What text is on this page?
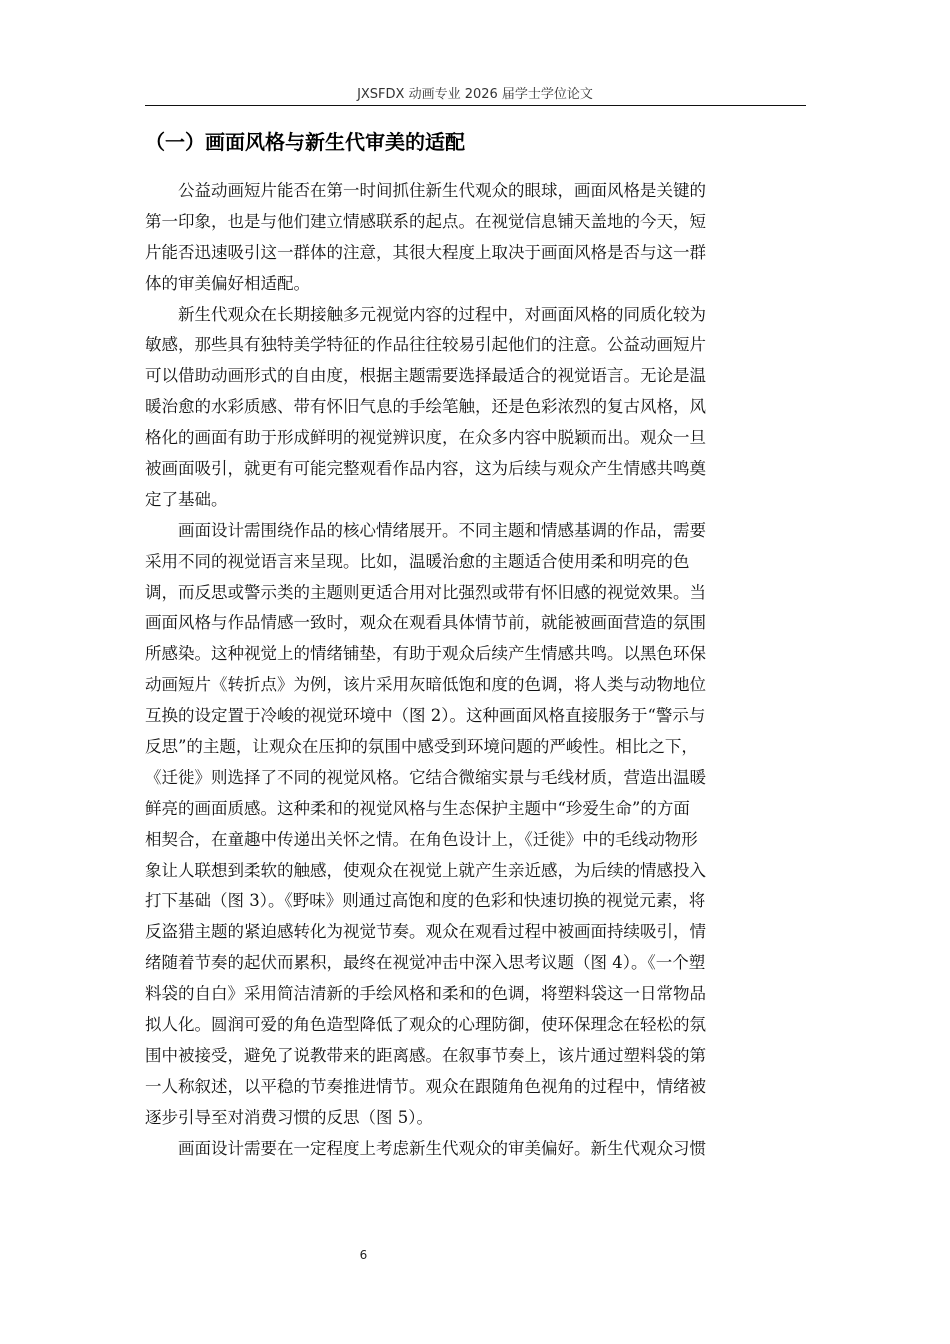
JXSFDX 动画专业 2026 届学士学位论文
（一）画面风格与新生代审美的适配
公益动画短片能否在第一时间抓住新生代观众的眼球，画面风格是关键的
第一印象，也是与他们建立情感联系的起点。在视觉信息铺天盖地的今天，短
片能否迅速吸引这一群体的注意，其很大程度上取决于画面风格是否与这一群
体的审美偏好相适配。
新生代观众在长期接触多元视觉内容的过程中，对画面风格的同质化较为
敏感，那些具有独特美学特征的作品往往较易引起他们的注意。公益动画短片
可以借助动画形式的自由度，根据主题需要选择最适合的视觉语言。无论是温
暖治愈的水彩质感、带有怀旧气息的手绘笔触，还是色彩浓烈的复古风格，风
格化的画面有助于形成鲜明的视觉辨识度，在众多内容中脱颖而出。观众一旦
被画面吸引，就更有可能完整观看作品内容，这为后续与观众产生情感共鸣奠
定了基础。
画面设计需围绕作品的核心情绪展开。不同主题和情感基调的作品，需要
采用不同的视觉语言来呈现。比如，温暖治愈的主题适合使用柔和明亮的色
调，而反思或警示类的主题则更适合用对比强烈或带有怀旧感的视觉效果。当
画面风格与作品情感一致时，观众在观看具体情节前，就能被画面营造的氛围
所感染。这种视觉上的情绪铺垫，有助于观众后续产生情感共鸣。以黑色环保
动画短片《转折点》为例，该片采用灰暗低饱和度的色调，将人类与动物地位
互换的设定置于冷峻的视觉环境中（图 2）。这种画面风格直接服务于“警示与
反思”的主题，让观众在压抑的氛围中感受到环境问题的严峻性。相比之下，
《迁徙》则选择了不同的视觉风格。它结合微缩实景与毛线材质，营造出温暖
鲜亮的画面质感。这种柔和的视觉风格与生态保护主题中“珍爱生命”的方面
相契合，在童趣中传递出关怀之情。在角色设计上，《迁徙》中的毛线动物形
象让人联想到柔软的触感，使观众在视觉上就产生亲近感，为后续的情感投入
打下基础（图 3）。《野味》则通过高饱和度的色彩和快速切换的视觉元素，将
反盗猎主题的紧迫感转化为视觉节奏。观众在观看过程中被画面持续吸引，情
绪随着节奏的起伏而累积，最终在视觉冲击中深入思考议题（图 4）。《一个塑
料袋的自白》采用简洁清新的手绘风格和柔和的色调，将塑料袋这一日常物品
拟人化。圆润可爱的角色造型降低了观众的心理防御，使环保理念在轻松的氛
围中被接受，避免了说教带来的距离感。在叙事节奏上，该片通过塑料袋的第
一人称叙述，以平稳的节奏推进情节。观众在跟随角色视角的过程中，情绪被
逐步引导至对消费习惯的反思（图 5）。
画面设计需要在一定程度上考虑新生代观众的审美偏好。新生代观众习惯
6
